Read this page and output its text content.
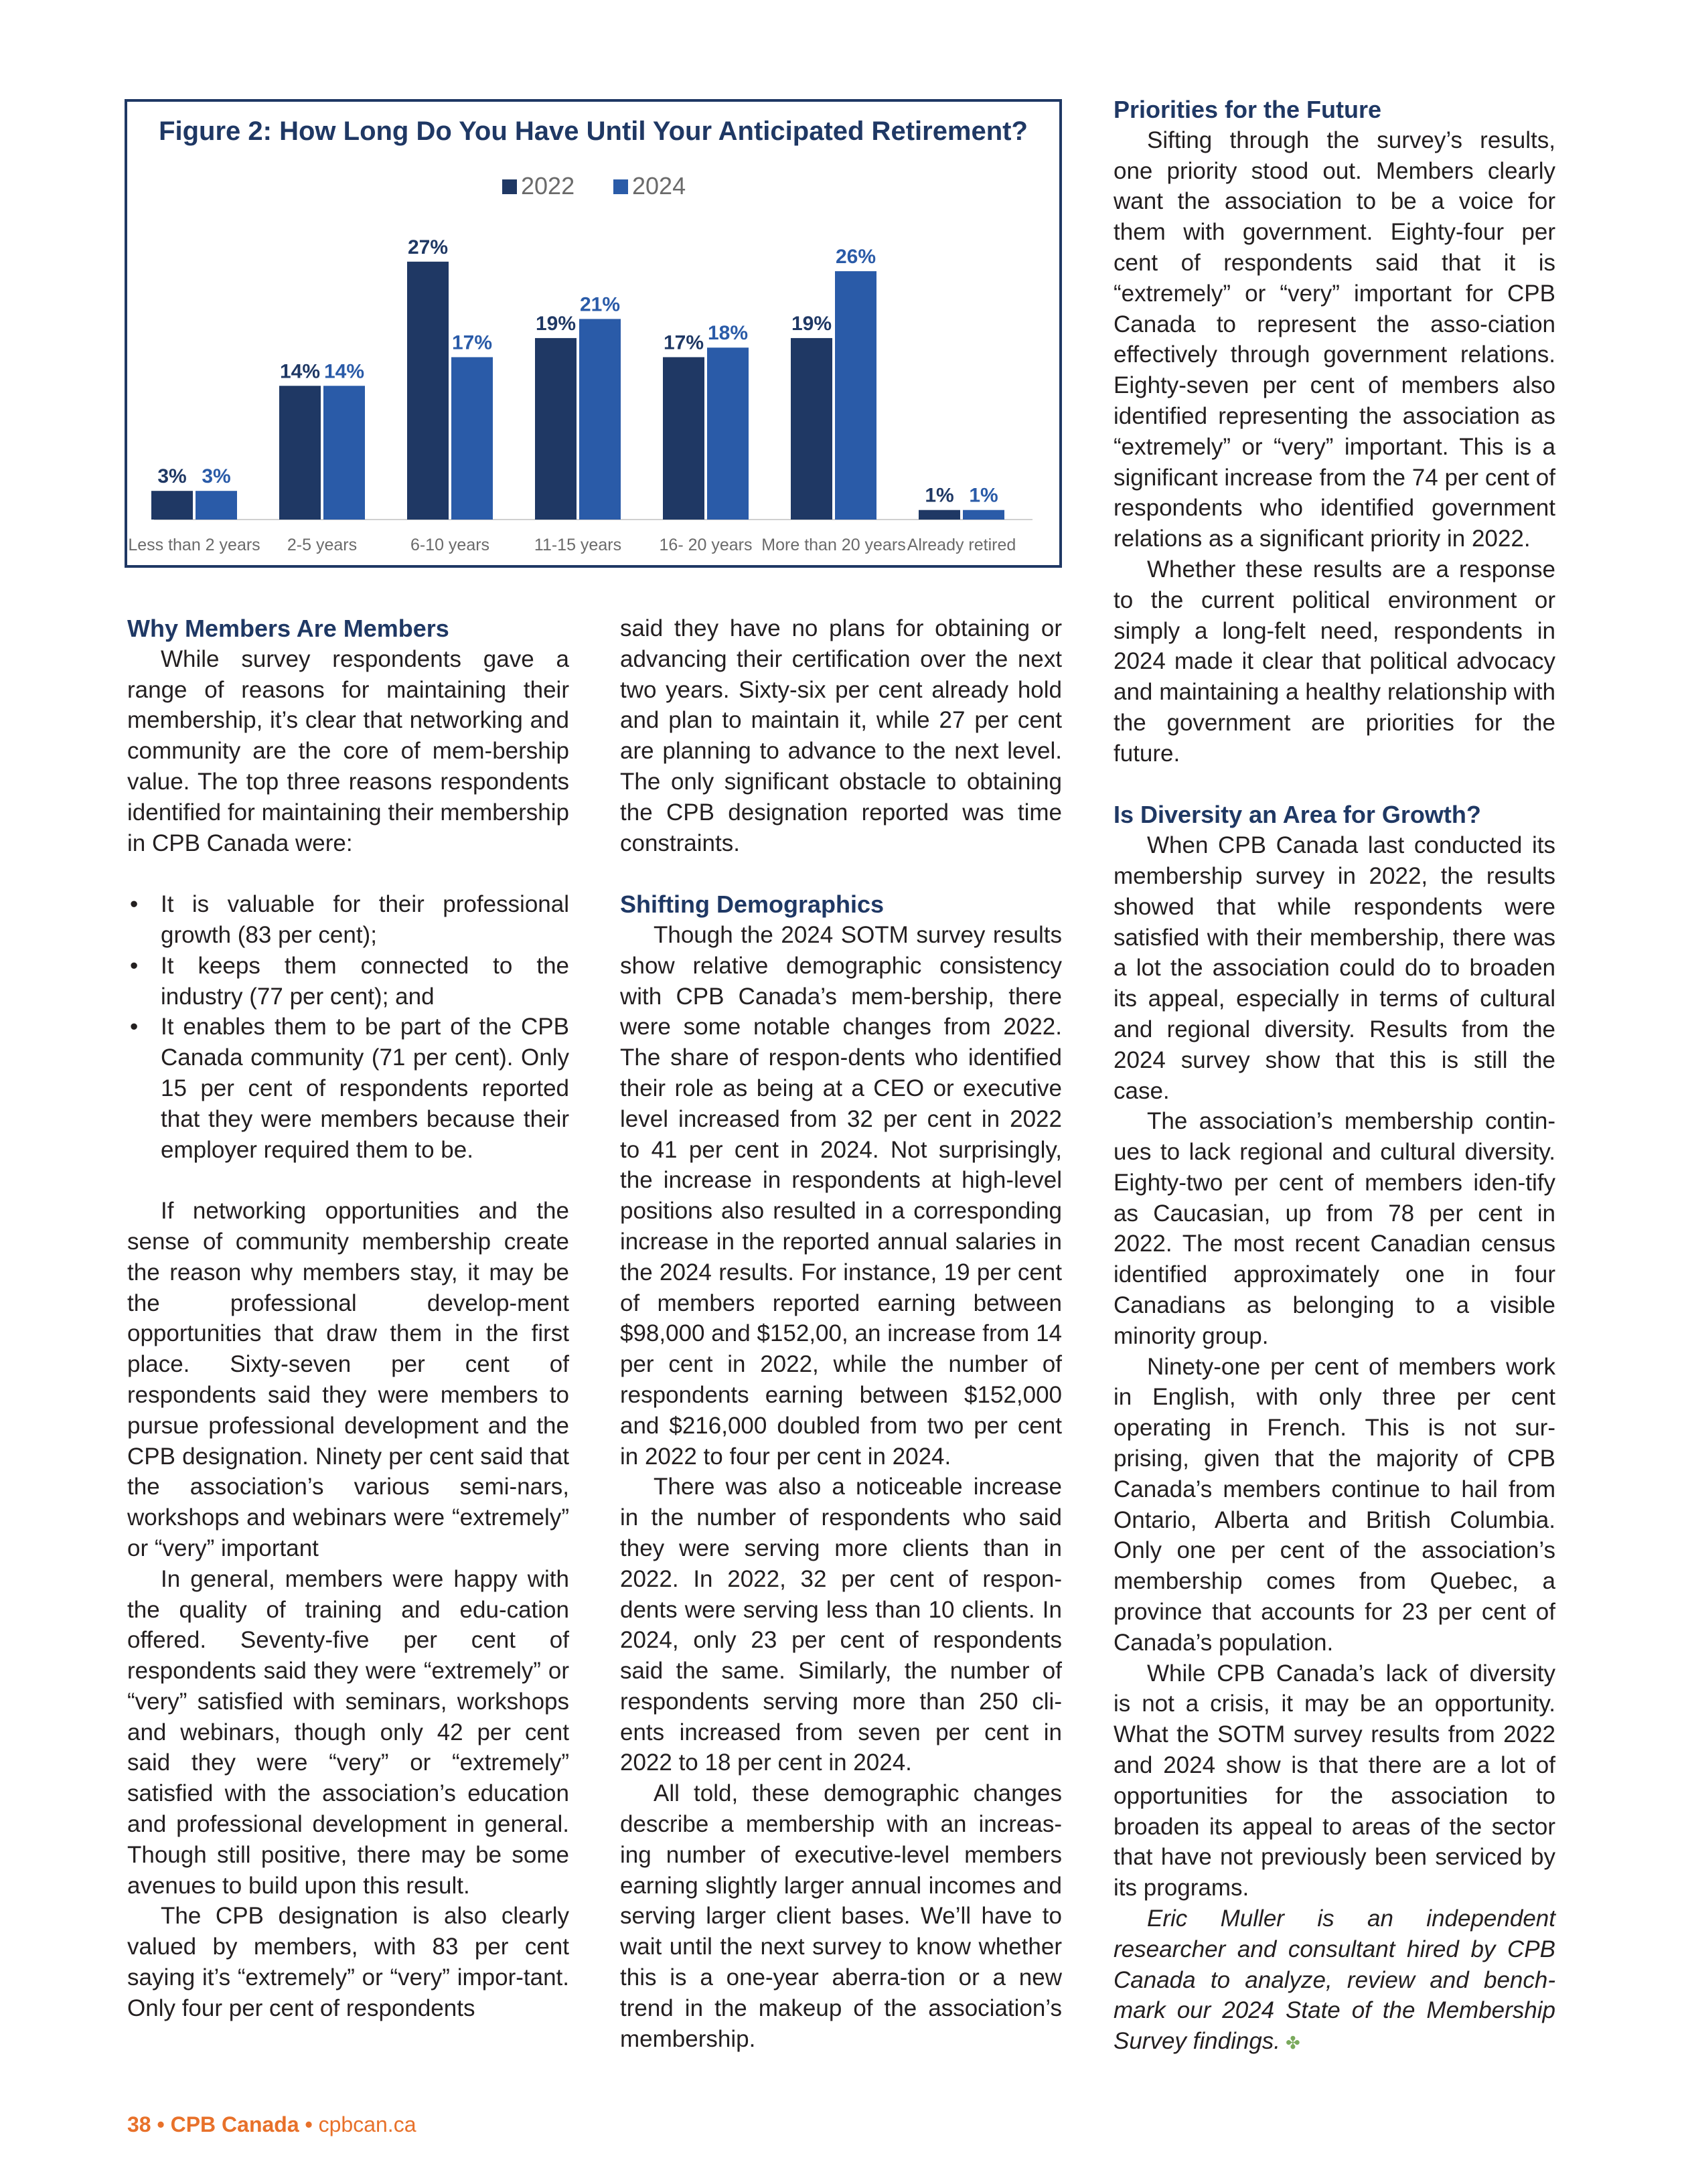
Figure 2: How Long Do You Have Until Your Anticipated Retirement?
2022 2024
3% 3%
Less than 2 years
14% 14%
2-5 years
27%
17%
6-10 years
19%
21%
11-15 years
17% 18%
16- 20 years
19%
26%
More than 20 years
1% 1%
Already retired
Why Members Are Members

While survey respondents gave a range of reasons for maintaining their membership, it’s clear that networking and community are the core of mem-bership value. The top three reasons respondents identified for maintaining their membership in CPB Canada were:

• It is valuable for their professional growth (83 per cent);
• It keeps them connected to the industry (77 per cent); and
• It enables them to be part of the CPB Canada community (71 per cent). Only 15 per cent of respondents reported that they were members because their employer required them to be.

If networking opportunities and the sense of community membership create the reason why members stay, it may be the professional develop-ment opportunities that draw them in the first place. Sixty-seven per cent of respondents said they were members to pursue professional development and the CPB designation. Ninety per cent said that the association’s various semi-nars, workshops and webinars were “extremely” or “very” important

In general, members were happy with the quality of training and edu-cation offered. Seventy-five per cent of respondents said they were “extremely” or “very” satisfied with seminars, workshops and webinars, though only 42 per cent said they were “very” or “extremely” satisfied with the association’s education and professional development in general. Though still positive, there may be some avenues to build upon this result.

The CPB designation is also clearly valued by members, with 83 per cent saying it’s “extremely” or “very” impor-tant. Only four per cent of respondents

said they have no plans for obtaining or advancing their certification over the next two years. Sixty-six per cent already hold and plan to maintain it, while 27 per cent are planning to advance to the next level. The only significant obstacle to obtaining the CPB designation reported was time constraints.

Shifting Demographics

Though the 2024 SOTM survey results show relative demographic consistency with CPB Canada’s mem-bership, there were some notable changes from 2022. The share of respon-dents who identified their role as being at a CEO or executive level increased from 32 per cent in 2022 to 41 per cent in 2024. Not surprisingly, the increase in respondents at high-level positions also resulted in a corresponding increase in the reported annual salaries in the 2024 results. For instance, 19 per cent of members reported earning between $98,000 and $152,00, an increase from 14 per cent in 2022, while the number of respondents earning between $152,000 and $216,000 doubled from two per cent in 2022 to four per cent in 2024.

There was also a noticeable increase in the number of respondents who said they were serving more clients than in 2022. In 2022, 32 per cent of respon-dents were serving less than 10 clients. In 2024, only 23 per cent of respondents said the same. Similarly, the number of respondents serving more than 250 cli-ents increased from seven per cent in 2022 to 18 per cent in 2024.

All told, these demographic changes describe a membership with an increas-ing number of executive-level members earning slightly larger annual incomes and serving larger client bases. We’ll have to wait until the next survey to know whether this is a one-year aberra-tion or a new trend in the makeup of the association’s membership.

Priorities for the Future

Sifting through the survey’s results, one priority stood out. Members clearly want the association to be a voice for them with government. Eighty-four per cent of respondents said that it is “extremely” or “very” important for CPB Canada to represent the asso-ciation effectively through government relations. Eighty-seven per cent of members also identified representing the association as “extremely” or “very” important. This is a significant increase from the 74 per cent of respondents who identified government relations as a significant priority in 2022.

Whether these results are a response to the current political environment or simply a long-felt need, respondents in 2024 made it clear that political advocacy and maintaining a healthy relationship with the government are priorities for the future.

Is Diversity an Area for Growth?

When CPB Canada last conducted its membership survey in 2022, the results showed that while respondents were satisfied with their membership, there was a lot the association could do to broaden its appeal, especially in terms of cultural and regional diversity. Results from the 2024 survey show that this is still the case.

The association’s membership contin-ues to lack regional and cultural diversity. Eighty-two per cent of members iden-tify as Caucasian, up from 78 per cent in 2022. The most recent Canadian census identified approximately one in four Canadians as belonging to a visible minority group.

Ninety-one per cent of members work in English, with only three per cent operating in French. This is not sur-prising, given that the majority of CPB Canada’s members continue to hail from Ontario, Alberta and British Columbia. Only one per cent of the association’s membership comes from Quebec, a province that accounts for 23 per cent of Canada’s population.

While CPB Canada’s lack of diversity is not a crisis, it may be an opportunity. What the SOTM survey results from 2022 and 2024 show is that there are a lot of opportunities for the association to broaden its appeal to areas of the sector that have not previously been serviced by its programs.

Eric Muller is an independent researcher and consultant hired by CPB Canada to analyze, review and bench-mark our 2024 State of the Membership Survey findings. ✤

38 • CPB Canada • cpbcan.ca
